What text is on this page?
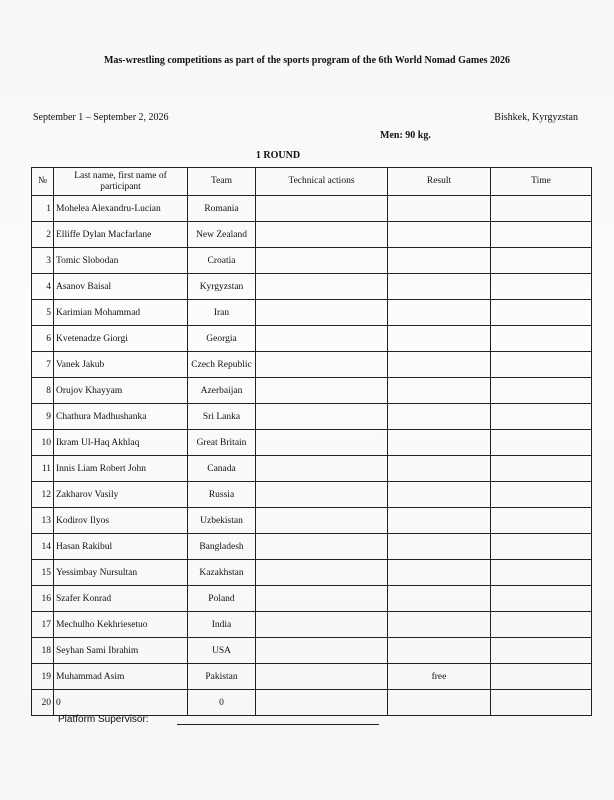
Mas-wrestling competitions as part of the sports program of the 6th World Nomad Games 2026
September 1 – September 2, 2026	Bishkek, Kyrgyzstan
Men: 90 kg.
1 ROUND
№	Last name, first name of participant	Team	Technical actions	Result	Time
1	Mohelea Alexandru-Lucian	Romania			
2	Elliffe Dylan Macfarlane	New Zealand			
3	Tomic Slobodan	Croatia			
4	Asanov Baisal	Kyrgyzstan			
5	Karimian Mohammad	Iran			
6	Kvetenadze Giorgi	Georgia			
7	Vanek Jakub	Czech Republic			
8	Orujov Khayyam	Azerbaijan			
9	Chathura Madhushanka	Sri Lanka			
10	Ikram Ul-Haq Akhlaq	Great Britain			
11	Innis Liam Robert John	Canada			
12	Zakharov Vasily	Russia			
13	Kodirov Ilyos	Uzbekistan			
14	Hasan Rakibul	Bangladesh			
15	Yessimbay Nursultan	Kazakhstan			
16	Szafer Konrad	Poland			
17	Mechulho Kekhriesetuo	India			
18	Seyhan Sami Ibrahim	USA			
19	Muhammad Asim	Pakistan		free	
20	0	0			
Platform Supervisor:
